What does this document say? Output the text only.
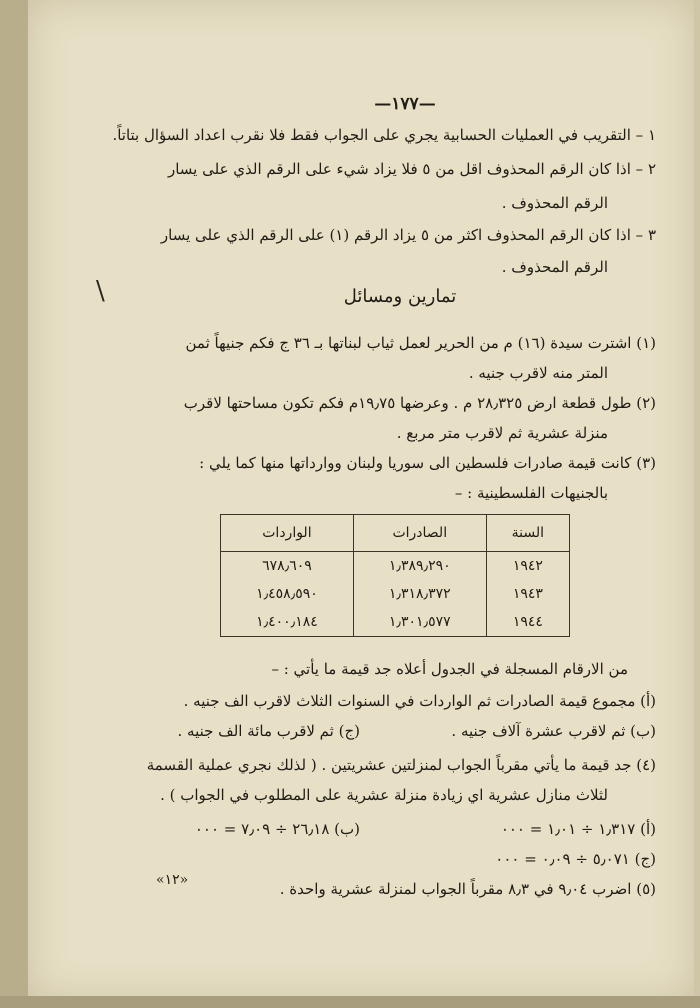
—١٧٧—
١ – التقريب في العمليات الحسابية يجري على الجواب فقط فلا نقرب اعداد السؤال بتاتاً.
٢ – اذا كان الرقم المحذوف اقل من ٥ فلا يزاد شيء على الرقم الذي على يسار
الرقم المحذوف .
٣ – اذا كان الرقم المحذوف اكثر من ٥ يزاد الرقم (١) على الرقم الذي على يسار
الرقم المحذوف .
\	تمارين ومسائل
(١) اشترت سيدة (١٦) م من الحرير لعمل ثياب لبناتها بـ ٣٦ ج فكم جنيهاً ثمن
المتر منه لاقرب جنيه .
(٢) طول قطعة ارض ٢٨٫٣٢٥ م . وعرضها ١٩٫٧٥م فكم تكون مساحتها لاقرب
منزلة عشرية ثم لاقرب متر مربع .
(٣) كانت قيمة صادرات فلسطين الى سوريا ولبنان ووارداتها منها كما يلي :
بالجنيهات الفلسطينية : –
السنة	الصادرات	الواردات
١٩٤٢	١٫٣٨٩٫٢٩٠	٦٧٨٫٦٠٩
١٩٤٣	١٫٣١٨٫٣٧٢	١٫٤٥٨٫٥٩٠
١٩٤٤	١٫٣٠١٫٥٧٧	١٫٤٠٠٫١٨٤
من الارقام المسجلة في الجدول أعلاه جد قيمة ما يأتي : –
(أ) مجموع قيمة الصادرات ثم الواردات في السنوات الثلاث لاقرب الف جنيه .
(ب) ثم لاقرب عشرة آلاف جنيه .
(ج) ثم لاقرب مائة الف جنيه .
(٤) جد قيمة ما يأتي مقرباً الجواب لمنزلتين عشريتين . ( لذلك نجري عملية القسمة
لثلاث منازل عشرية اي زيادة منزلة عشرية على المطلوب في الجواب ) .
(أ) ١٫٣١٧ ÷ ١٫٠١ = ٠٠٠
(ب) ٢٦٫١٨ ÷ ٧٫٠٩ = ٠٠٠
(ج) ٥٫٠٧١ ÷ ٠٫٠٩ = ٠٠٠
(٥) اضرب ٩٫٠٤ في ٨٫٣ مقرباً الجواب لمنزلة عشرية واحدة .
«١٢»
